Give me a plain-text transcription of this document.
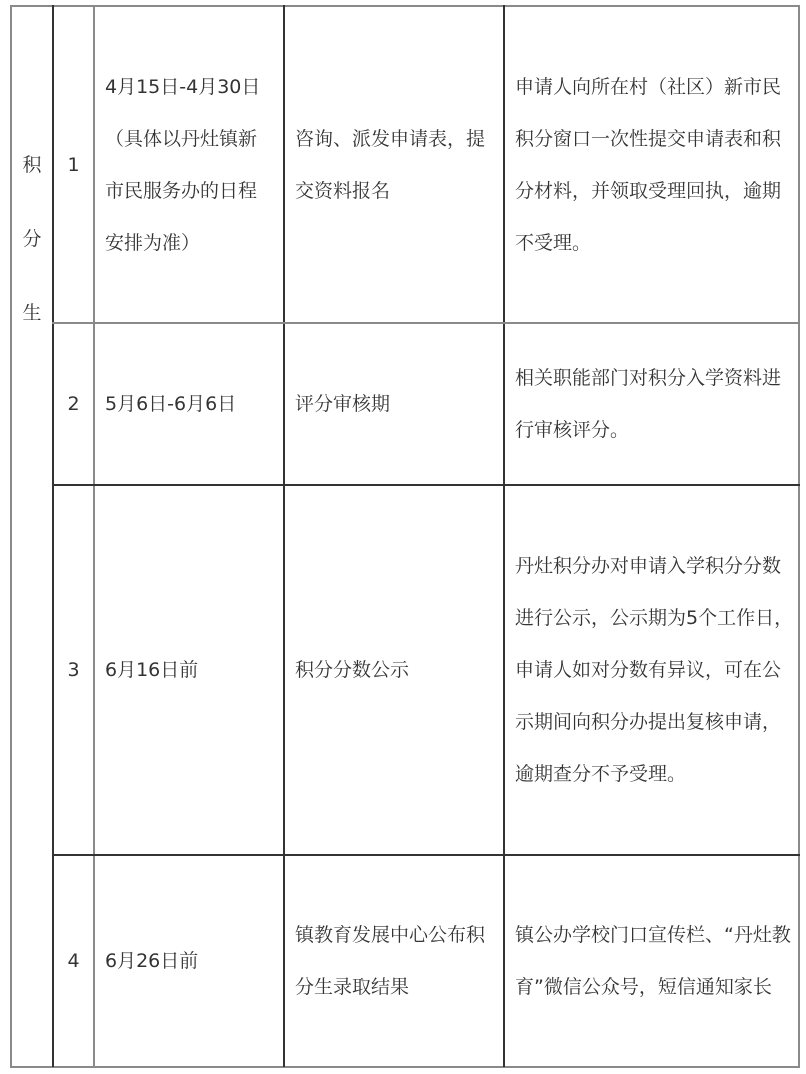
积
分
生
1
4月15日-4月30日（具体以丹灶镇新市民服务办的日程安排为准）
咨询、派发申请表，提交资料报名
申请人向所在村（社区）新市民积分窗口一次性提交申请表和积分材料，并领取受理回执，逾期不受理。
2 5月6日-6月6日	评分审核期
相关职能部门对积分入学资料进行审核评分。
3 6月16日前	积分分数公示
丹灶积分办对申请入学积分分数进行公示，公示期为5个工作日，申请人如对分数有异议，可在公示期间向积分办提出复核申请，逾期查分不予受理。
4 6月26日前
镇教育发展中心公布积分生录取结果
镇公办学校门口宣传栏、“丹灶教育”微信公众号，短信通知家长
